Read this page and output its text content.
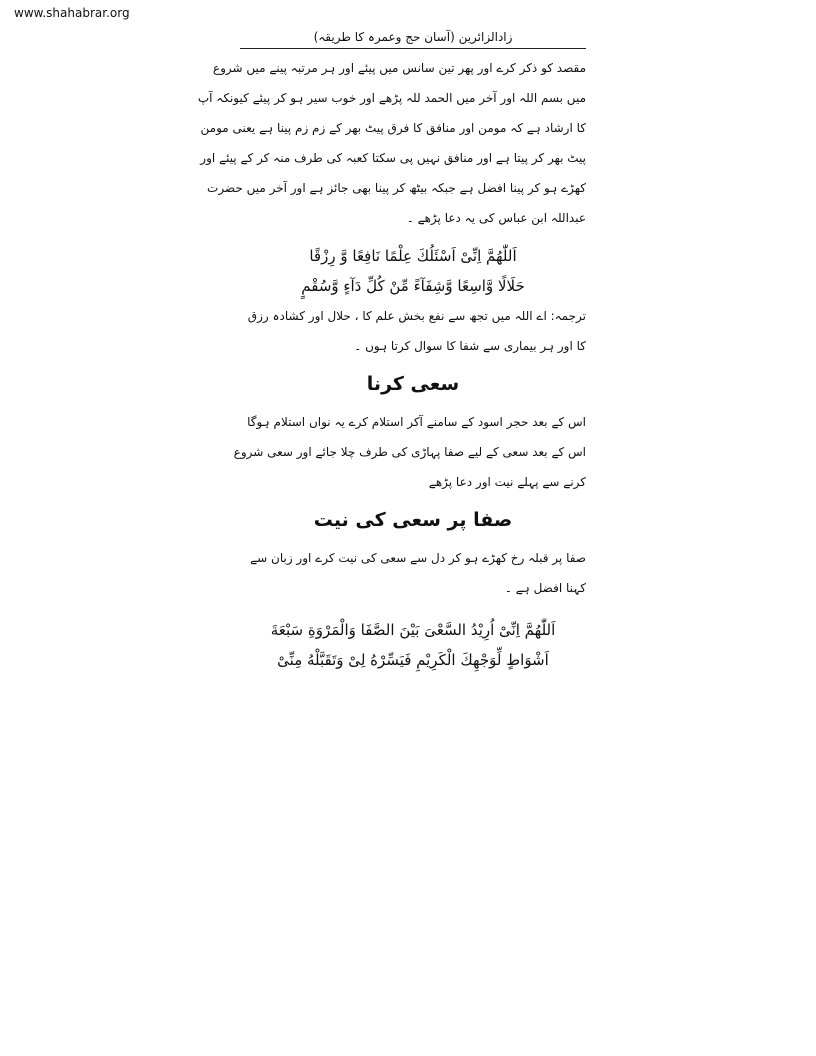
www.shahabrar.org
زادالزائرین (آسان حج وعمرہ کا طریقہ)
مقصد کو ذکر کرے اور پھر تین سانس میں پیئے اور ہر مرتبہ پینے میں شروع
میں بسم اللہ اور آخر میں الحمد للہ پڑھے اور خوب سیر ہو کر پیئے کیونکہ آپ
کا ارشاد ہے کہ مومن اور منافق کا فرق پیٹ بھر کے زم زم پینا ہے یعنی مومن
پیٹ بھر کر پیتا ہے اور منافق نہیں پی سکتا کعبہ کی طرف منہ کر کے پیئے اور
کھڑے ہو کر پینا افضل ہے جبکہ بیٹھ کر پینا بھی جائز ہے اور آخر میں حضرت
عبداللہ ابن عباس کی یہ دعا پڑھے ۔
اَللّٰهُمَّ اِنِّىْ اَسْئَلُكَ عِلْمًا نَافِعًا وَّ رِزْقًا
حَلَالًا وَّاسِعًا وَّشِفَآءً مِّنْ كُلِّ دَآءٍ وَّسُقْمٍ
ترجمہ: اے اللہ میں تجھ سے نفع بخش علم کا ، حلال اور کشادہ رزق
کا اور ہر بیماری سے شفا کا سوال کرتا ہوں ۔
سعی کرنا
اس کے بعد حجر اسود کے سامنے آکر استلام کرے یہ نواں استلام ہوگا
اس کے بعد سعی کے لیے صفا پہاڑی کی طرف چلا جائے اور سعی شروع
کرنے سے پہلے نیت اور دعا پڑھے
صفا پر سعی کی نیت
صفا پر قبلہ رخ کھڑے ہو کر دل سے سعی کی نیت کرے اور زبان سے
کہنا افضل ہے ۔
اَللّٰهُمَّ اِنِّىْ اُرِيْدُ السَّعْىَ بَيْنَ الصَّفَا وَالْمَرْوَةِ سَبْعَةَ
اَشْوَاطٍ لِّوَجْهِكَ الْكَرِيْمِ فَيَسِّرْهُ لِىْ وَتَقَبَّلْهُ مِنِّىْ
